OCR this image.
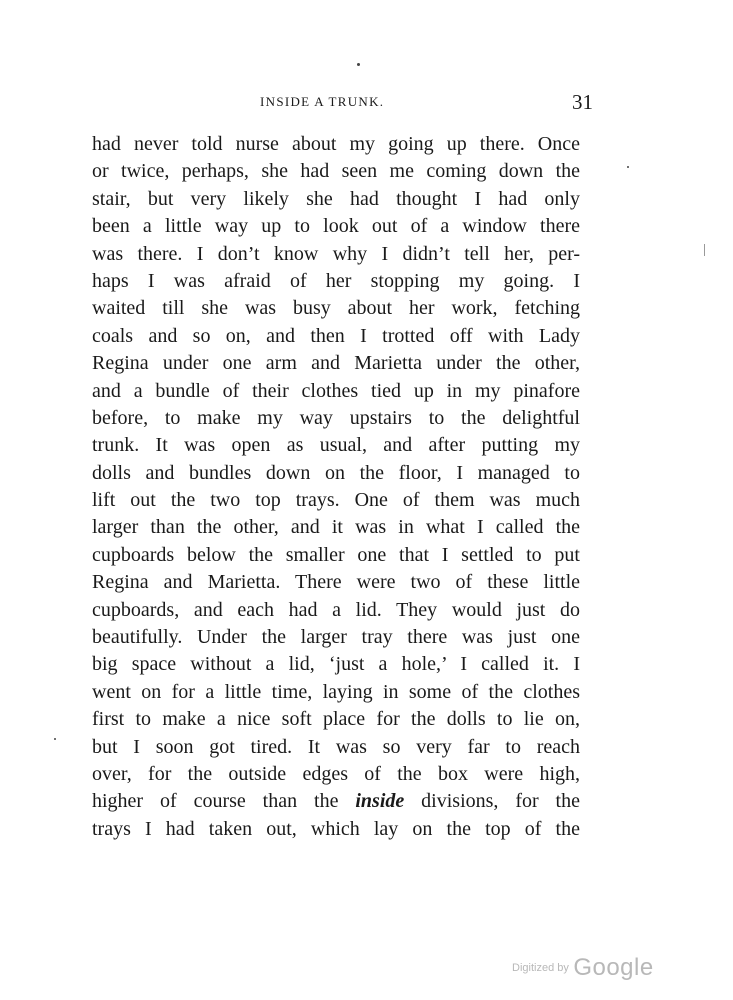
INSIDE A TRUNK.	31
had never told nurse about my going up there. Once
or twice, perhaps, she had seen me coming down the
stair, but very likely she had thought I had only
been a little way up to look out of a window there
was there. I don’t know why I didn’t tell her, per-
haps I was afraid of her stopping my going. I
waited till she was busy about her work, fetching
coals and so on, and then I trotted off with Lady
Regina under one arm and Marietta under the other,
and a bundle of their clothes tied up in my pinafore
before, to make my way upstairs to the delightful
trunk. It was open as usual, and after putting my
dolls and bundles down on the floor, I managed to
lift out the two top trays. One of them was much
larger than the other, and it was in what I called the
cupboards below the smaller one that I settled to put
Regina and Marietta. There were two of these little
cupboards, and each had a lid. They would just do
beautifully. Under the larger tray there was just one
big space without a lid, ‘just a hole,’ I called it. I
went on for a little time, laying in some of the clothes
first to make a nice soft place for the dolls to lie on,
but I soon got tired. It was so very far to reach
over, for the outside edges of the box were high,
higher of course than the inside divisions, for the
trays I had taken out, which lay on the top of the
$^{Digitized by}$ Google
